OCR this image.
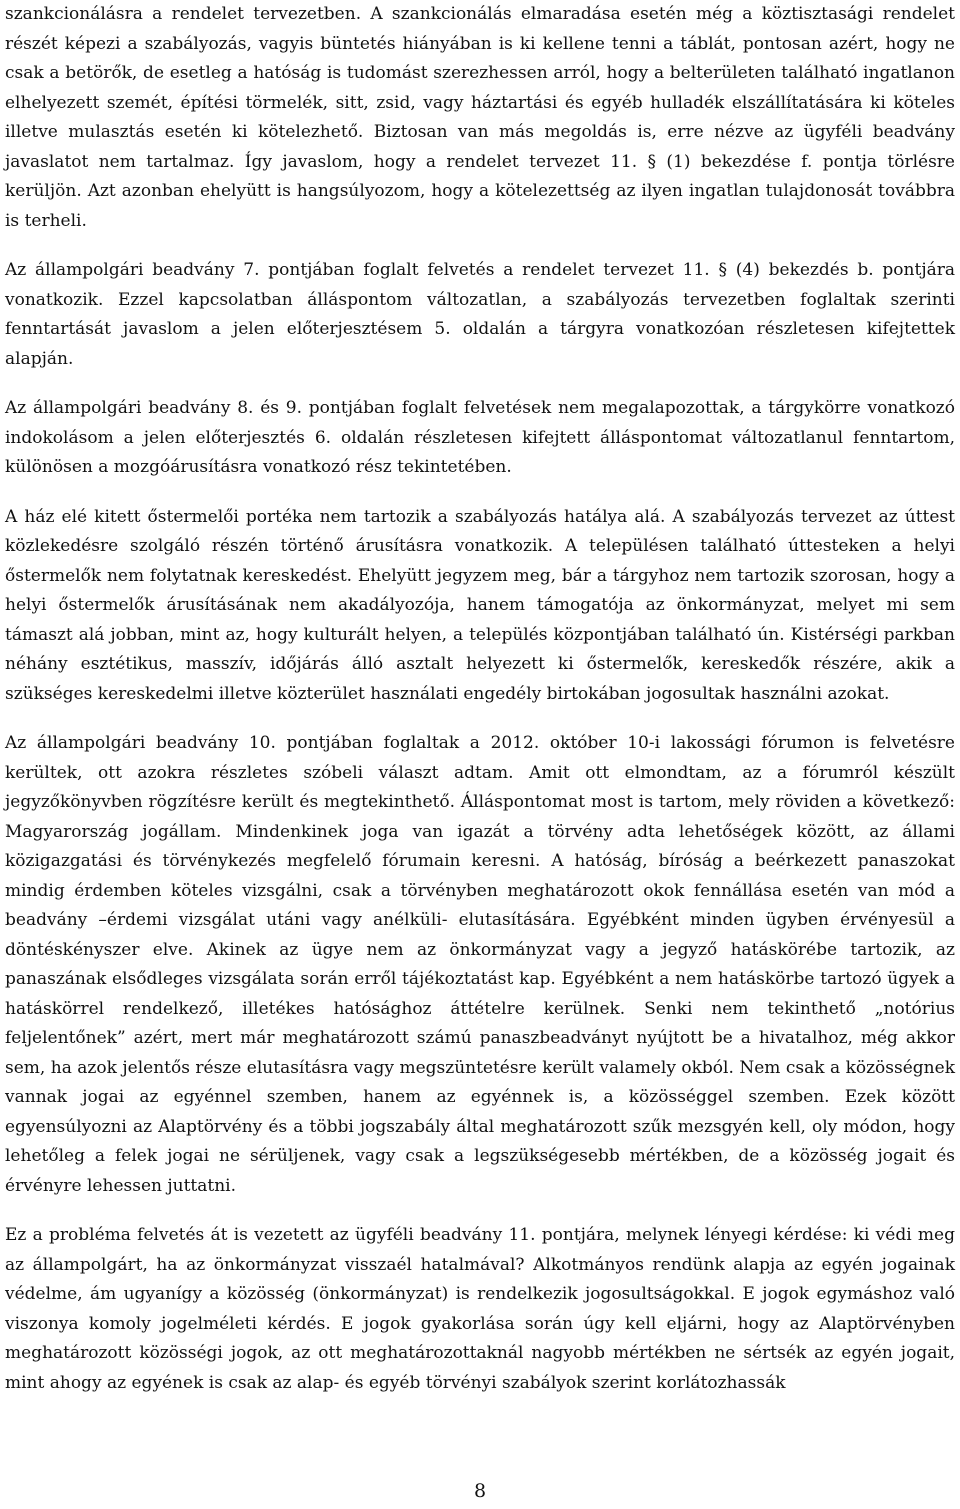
szankcionálásra a rendelet tervezetben. A szankcionálás elmaradása esetén még a köztisztasági rendelet részét képezi a szabályozás, vagyis büntetés hiányában is ki kellene tenni a táblát, pontosan azért, hogy ne csak a betörők, de esetleg a hatóság is tudomást szerezhessen arról, hogy a belterületen található ingatlanon elhelyezett szemét, építési törmelék, sitt, zsid, vagy háztartási és egyéb hulladék elszállítatására ki köteles illetve mulasztás esetén ki kötelezhető. Biztosan van más megoldás is, erre nézve az ügyféli beadvány javaslatot nem tartalmaz. Így javaslom, hogy a rendelet tervezet 11. § (1) bekezdése f. pontja törlésre kerüljön. Azt azonban ehelyütt is hangsúlyozom, hogy a kötelezettség az ilyen ingatlan tulajdonosát továbbra is terheli.

Az állampolgári beadvány 7. pontjában foglalt felvetés a rendelet tervezet 11. § (4) bekezdés b. pontjára vonatkozik. Ezzel kapcsolatban álláspontom változatlan, a szabályozás tervezetben foglaltak szerinti fenntartását javaslom a jelen előterjesztésem 5. oldalán a tárgyra vonatkozóan részletesen kifejtettek alapján.

Az állampolgári beadvány 8. és 9. pontjában foglalt felvetések nem megalapozottak, a tárgykörre vonatkozó indokolásom a jelen előterjesztés 6. oldalán részletesen kifejtett álláspontomat változatlanul fenntartom, különösen a mozgóárusításra vonatkozó rész tekintetében.

A ház elé kitett őstermelői portéka nem tartozik a szabályozás hatálya alá. A szabályozás tervezet az úttest közlekedésre szolgáló részén történő árusításra vonatkozik. A településen található úttesteken a helyi őstermelők nem folytatnak kereskedést. Ehelyütt jegyzem meg, bár a tárgyhoz nem tartozik szorosan, hogy a helyi őstermelők árusításának nem akadályozója, hanem támogatója az önkormányzat, melyet mi sem támaszt alá jobban, mint az, hogy kulturált helyen, a település központjában található ún. Kistérségi parkban néhány esztétikus, masszív, időjárás álló asztalt helyezett ki őstermelők, kereskedők részére, akik a szükséges kereskedelmi illetve közterület használati engedély birtokában jogosultak használni azokat.

Az állampolgári beadvány 10. pontjában foglaltak a 2012. október 10-i lakossági fórumon is felvetésre kerültek, ott azokra részletes szóbeli választ adtam. Amit ott elmondtam, az a fórumról készült jegyzőkönyvben rögzítésre került és megtekinthető. Álláspontomat most is tartom, mely röviden a következő: Magyarország jogállam. Mindenkinek joga van igazát a törvény adta lehetőségek között, az állami közigazgatási és törvénykezés megfelelő fórumain keresni. A hatóság, bíróság a beérkezett panaszokat mindig érdemben köteles vizsgálni, csak a törvényben meghatározott okok fennállása esetén van mód a beadvány –érdemi vizsgálat utáni vagy anélküli- elutasítására. Egyébként minden ügyben érvényesül a döntéskényszer elve. Akinek az ügye nem az önkormányzat vagy a jegyző hatáskörébe tartozik, az panaszának elsődleges vizsgálata során erről tájékoztatást kap. Egyébként a nem hatáskörbe tartozó ügyek a hatáskörrel rendelkező, illetékes hatósághoz áttételre kerülnek. Senki nem tekinthető „notórius feljelentőnek” azért, mert már meghatározott számú panaszbeadványt nyújtott be a hivatalhoz, még akkor sem, ha azok jelentős része elutasításra vagy megszüntetésre került valamely okból. Nem csak a közösségnek vannak jogai az egyénnel szemben, hanem az egyénnek is, a közösséggel szemben. Ezek között egyensúlyozni az Alaptörvény és a többi jogszabály által meghatározott szűk mezsgyén kell, oly módon, hogy lehetőleg a felek jogai ne sérüljenek, vagy csak a legszükségesebb mértékben, de a közösség jogait és érvényre lehessen juttatni.

Ez a probléma felvetés át is vezetett az ügyféli beadvány 11. pontjára, melynek lényegi kérdése: ki védi meg az állampolgárt, ha az önkormányzat visszaél hatalmával? Alkotmányos rendünk alapja az egyén jogainak védelme, ám ugyanígy a közösség (önkormányzat) is rendelkezik jogosultságokkal. E jogok egymáshoz való viszonya komoly jogelméleti kérdés. E jogok gyakorlása során úgy kell eljárni, hogy az Alaptörvényben meghatározott közösségi jogok, az ott meghatározottaknál nagyobb mértékben ne sértsék az egyén jogait, mint ahogy az egyének is csak az alap- és egyéb törvényi szabályok szerint korlátozhassák

8
